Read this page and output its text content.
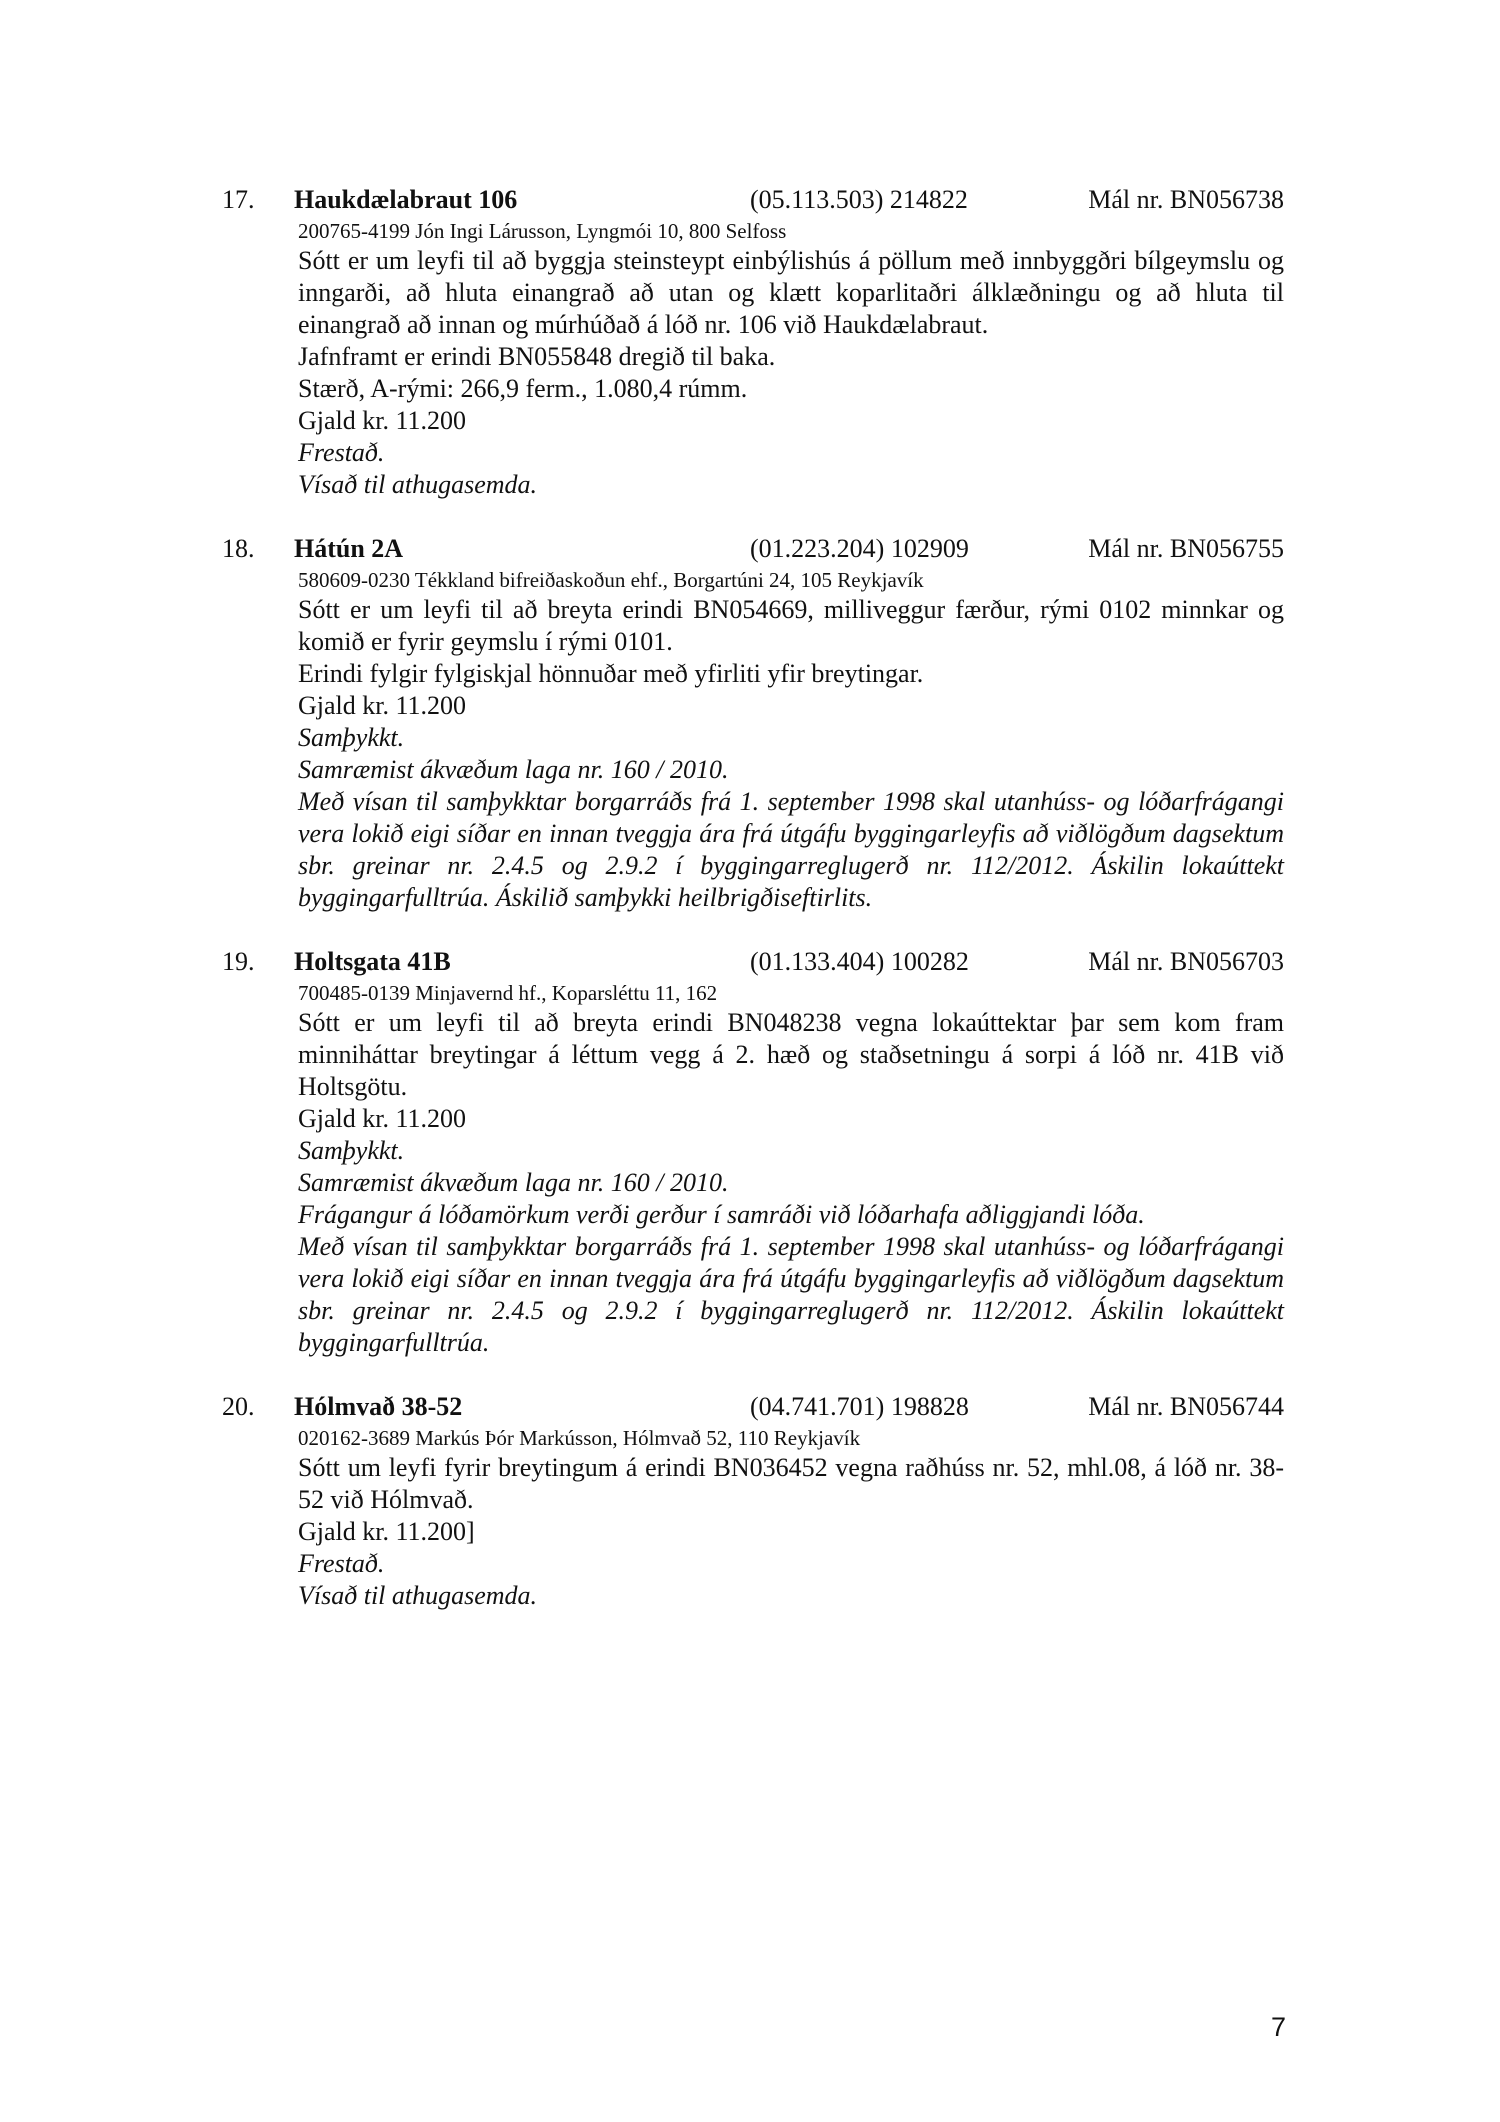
17. Haukdælabraut 106	(05.113.503) 214822	Mál nr. BN056738
200765-4199 Jón Ingi Lárusson, Lyngmói 10, 800 Selfoss
Sótt er um leyfi til að byggja steinsteypt einbýlishús á pöllum með innbyggðri bílgeymslu og inngarði, að hluta einangrað að utan og klætt koparlitaðri álklæðningu og að hluta til einangrað að innan og múrhúðað á lóð nr. 106 við Haukdælabraut.
Jafnframt er erindi BN055848 dregið til baka.
Stærð, A-rými: 266,9 ferm., 1.080,4 rúmm.
Gjald kr. 11.200
Frestað.
Vísað til athugasemda.
18. Hátún 2A	(01.223.204) 102909	Mál nr. BN056755
580609-0230 Tékkland bifreiðaskoðun ehf., Borgartúni 24, 105 Reykjavík
Sótt er um leyfi til að breyta erindi BN054669, milliveggur færður, rými 0102 minnkar og komið er fyrir geymslu í rými 0101.
Erindi fylgir fylgiskjal hönnuðar með yfirliti yfir breytingar.
Gjald kr. 11.200
Samþykkt.
Samræmist ákvæðum laga nr. 160 / 2010.
Með vísan til samþykktar borgarráðs frá 1. september 1998 skal utanhúss- og lóðarfrágangi vera lokið eigi síðar en innan tveggja ára frá útgáfu byggingarleyfis að viðlögðum dagsektum sbr. greinar nr. 2.4.5 og 2.9.2 í byggingarreglugerð nr. 112/2012. Áskilin lokaúttekt byggingarfulltrúa. Áskilið samþykki heilbrigðiseftirlits.
19. Holtsgata 41B	(01.133.404) 100282	Mál nr. BN056703
700485-0139 Minjavernd hf., Koparsléttu 11, 162
Sótt er um leyfi til að breyta erindi BN048238 vegna lokaúttektar þar sem kom fram minniháttar breytingar á léttum vegg á 2. hæð og staðsetningu á sorpi á lóð nr. 41B við Holtsgötu.
Gjald kr. 11.200
Samþykkt.
Samræmist ákvæðum laga nr. 160 / 2010.
Frágangur á lóðamörkum verði gerður í samráði við lóðarhafa aðliggjandi lóða.
Með vísan til samþykktar borgarráðs frá 1. september 1998 skal utanhúss- og lóðarfrágangi vera lokið eigi síðar en innan tveggja ára frá útgáfu byggingarleyfis að viðlögðum dagsektum sbr. greinar nr. 2.4.5 og 2.9.2 í byggingarreglugerð nr. 112/2012. Áskilin lokaúttekt byggingarfulltrúa.
20. Hólmvað 38-52	(04.741.701) 198828	Mál nr. BN056744
020162-3689 Markús Þór Markússon, Hólmvað 52, 110 Reykjavík
Sótt um leyfi fyrir breytingum á erindi BN036452 vegna raðhúss nr. 52, mhl.08, á lóð nr. 38-52 við Hólmvað.
Gjald kr. 11.200]
Frestað.
Vísað til athugasemda.
7
